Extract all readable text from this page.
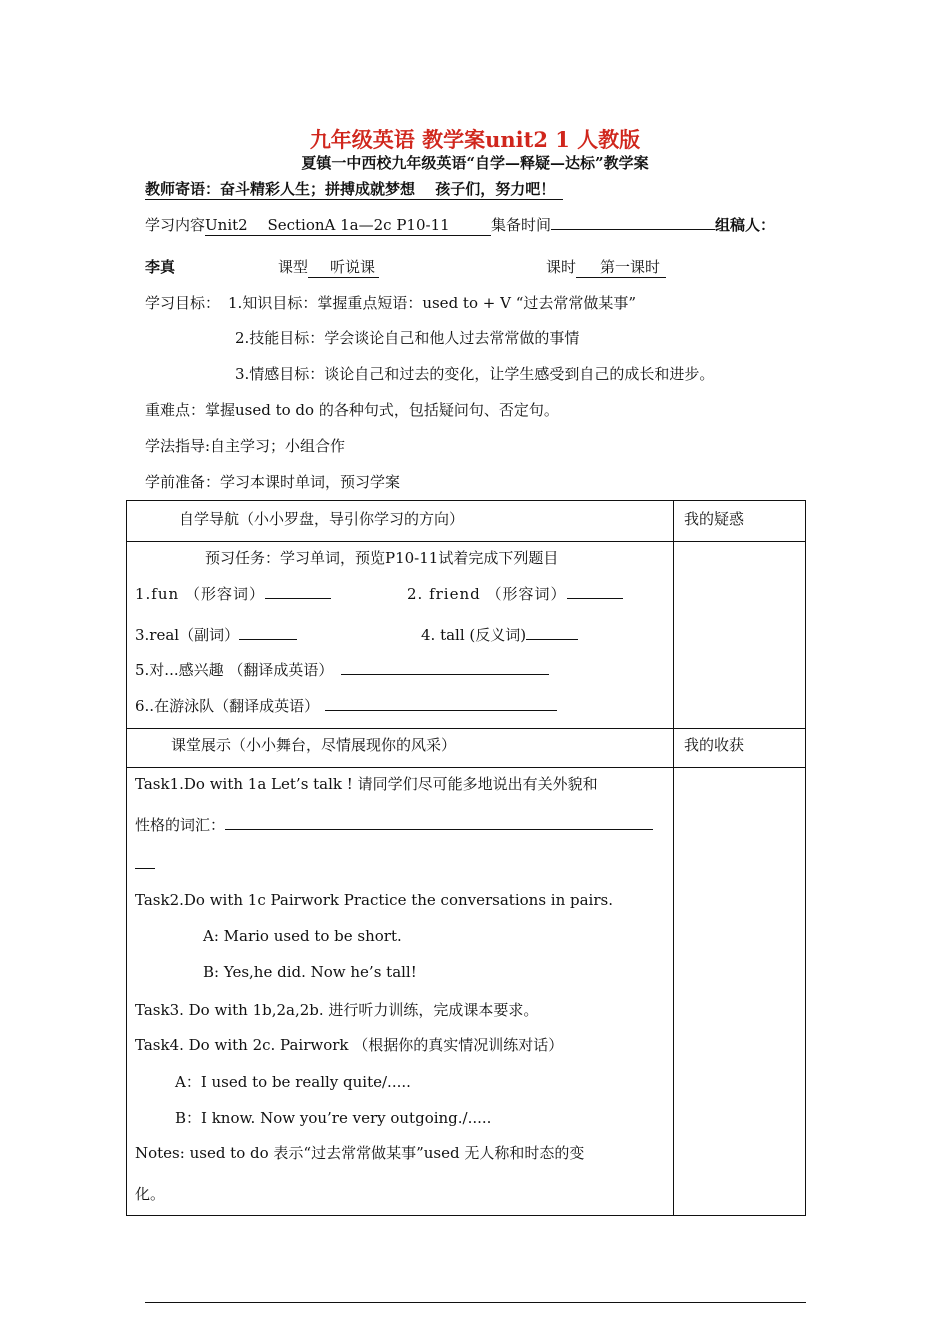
九年级英语 教学案unit2 1 人教版
夏镇一中西校九年级英语“自学—释疑—达标”教学案
教师寄语：奋斗精彩人生；拼搏成就梦想　 孩子们，努力吧！
学习内容Unit2 　SectionA 1a—2c P10-11	集备时间	组稿人：
李真	课型 听说课	课时 第一课时
学习目标： 1.知识目标：掌握重点短语：used to + V “过去常常做某事”
2.技能目标：学会谈论自己和他人过去常常做的事情
3.情感目标：谈论自己和过去的变化，让学生感受到自己的成长和进步。
重难点：掌握used to do 的各种句式，包括疑问句、否定句。
学法指导:自主学习；小组合作
学前准备：学习本课时单词，预习学案
自学导航（小小罗盘，导引你学习的方向）	我的疑惑
预习任务：学习单词，预览P10-11试着完成下列题目
1.fun （形容词）	2. friend （形容词）
3.real（副词）	4. tall (反义词)
5.对...感兴趣 （翻译成英语）
6..在游泳队（翻译成英语）
课堂展示（小小舞台，尽情展现你的风采）	我的收获
Task1.Do with 1a Let’s talk ! 请同学们尽可能多地说出有关外貌和
性格的词汇：
Task2.Do with 1c Pairwork Practice the conversations in pairs.
A: Mario used to be short.
B: Yes,he did. Now he’s tall!
Task3. Do with 1b,2a,2b. 进行听力训练，完成课本要求。
Task4. Do with 2c. Pairwork （根据你的真实情况训练对话）
A：I used to be really quite/.....
B：I know. Now you’re very outgoing./.....
Notes: used to do 表示“过去常常做某事”used 无人称和时态的变
化。
